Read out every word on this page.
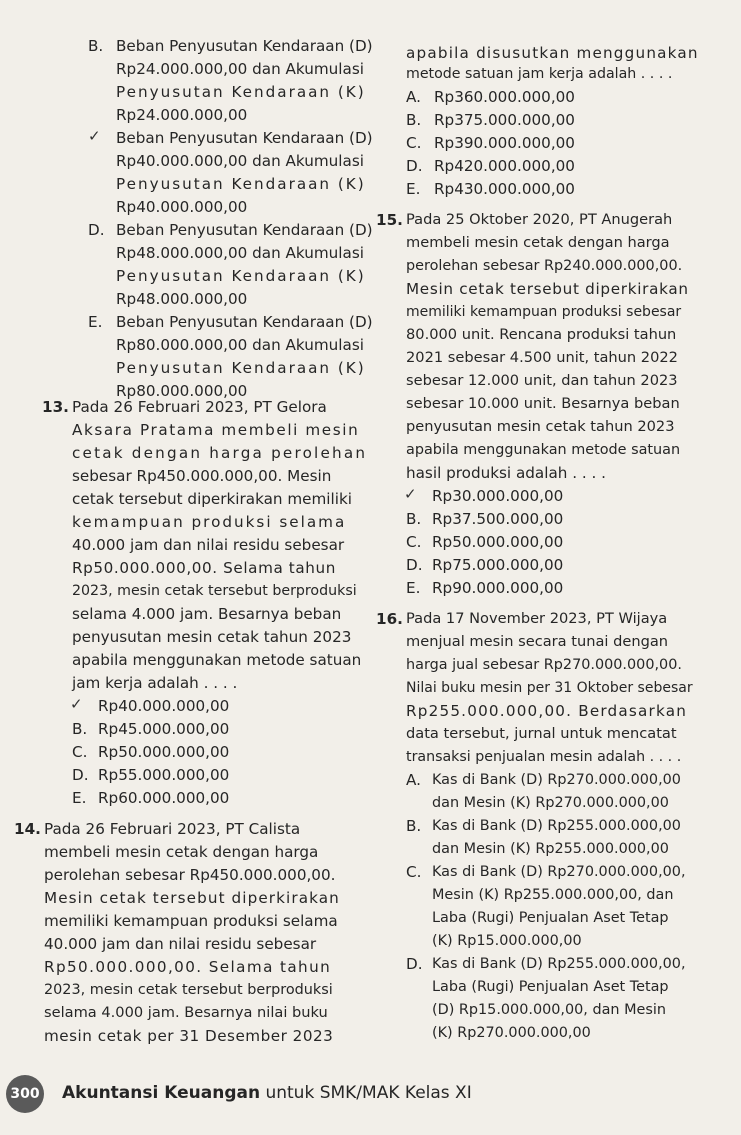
B. Beban Penyusutan Kendaraan (D)
Rp24.000.000,00 dan Akumulasi
Penyusutan Kendaraan (K)
Rp24.000.000,00
✓ Beban Penyusutan Kendaraan (D)
Rp40.000.000,00 dan Akumulasi
Penyusutan Kendaraan (K)
Rp40.000.000,00
D. Beban Penyusutan Kendaraan (D)
Rp48.000.000,00 dan Akumulasi
Penyusutan Kendaraan (K)
Rp48.000.000,00
E. Beban Penyusutan Kendaraan (D)
Rp80.000.000,00 dan Akumulasi
Penyusutan Kendaraan (K)
Rp80.000.000,00
13. Pada 26 Februari 2023, PT Gelora
Aksara Pratama membeli mesin
cetak dengan harga perolehan
sebesar Rp450.000.000,00. Mesin
cetak tersebut diperkirakan memiliki
kemampuan produksi selama
40.000 jam dan nilai residu sebesar
Rp50.000.000,00. Selama tahun
2023, mesin cetak tersebut berproduksi
selama 4.000 jam. Besarnya beban
penyusutan mesin cetak tahun 2023
apabila menggunakan metode satuan
jam kerja adalah . . . .
✓ Rp40.000.000,00
B. Rp45.000.000,00
C. Rp50.000.000,00
D. Rp55.000.000,00
E. Rp60.000.000,00
14. Pada 26 Februari 2023, PT Calista
membeli mesin cetak dengan harga
perolehan sebesar Rp450.000.000,00.
Mesin cetak tersebut diperkirakan
memiliki kemampuan produksi selama
40.000 jam dan nilai residu sebesar
Rp50.000.000,00. Selama tahun
2023, mesin cetak tersebut berproduksi
selama 4.000 jam. Besarnya nilai buku
mesin cetak per 31 Desember 2023
apabila disusutkan menggunakan
metode satuan jam kerja adalah . . . .
A. Rp360.000.000,00
B. Rp375.000.000,00
C. Rp390.000.000,00
D. Rp420.000.000,00
E. Rp430.000.000,00
15. Pada 25 Oktober 2020, PT Anugerah
membeli mesin cetak dengan harga
perolehan sebesar Rp240.000.000,00.
Mesin cetak tersebut diperkirakan
memiliki kemampuan produksi sebesar
80.000 unit. Rencana produksi tahun
2021 sebesar 4.500 unit, tahun 2022
sebesar 12.000 unit, dan tahun 2023
sebesar 10.000 unit. Besarnya beban
penyusutan mesin cetak tahun 2023
apabila menggunakan metode satuan
hasil produksi adalah . . . .
✓ Rp30.000.000,00
B. Rp37.500.000,00
C. Rp50.000.000,00
D. Rp75.000.000,00
E. Rp90.000.000,00
16. Pada 17 November 2023, PT Wijaya
menjual mesin secara tunai dengan
harga jual sebesar Rp270.000.000,00.
Nilai buku mesin per 31 Oktober sebesar
Rp255.000.000,00. Berdasarkan
data tersebut, jurnal untuk mencatat
transaksi penjualan mesin adalah . . . .
A. Kas di Bank (D) Rp270.000.000,00
dan Mesin (K) Rp270.000.000,00
B. Kas di Bank (D) Rp255.000.000,00
dan Mesin (K) Rp255.000.000,00
C. Kas di Bank (D) Rp270.000.000,00,
Mesin (K) Rp255.000.000,00, dan
Laba (Rugi) Penjualan Aset Tetap
(K) Rp15.000.000,00
D. Kas di Bank (D) Rp255.000.000,00,
Laba (Rugi) Penjualan Aset Tetap
(D) Rp15.000.000,00, dan Mesin
(K) Rp270.000.000,00
300 Akuntansi Keuangan untuk SMK/MAK Kelas XI
